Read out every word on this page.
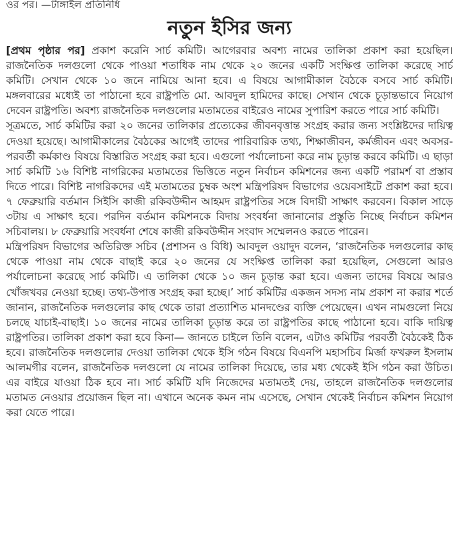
ওর পর। —টাঙ্গাইল প্রতিনিধি
নতুন ইসির জন্য

[প্রথম পৃষ্ঠার পর] প্রকাশ করেনি সার্চ কমিটি। আগেরবার অবশ্য নামের তালিকা প্রকাশ করা হয়েছিল। রাজনৈতিক দলগুলো থেকে পাওয়া শতাধিক নাম থেকে ২০ জনের একটি সংক্ষিপ্ত তালিকা করেছে সার্চ কমিটি। সেখান থেকে ১০ জনে নামিয়ে আনা হবে। এ বিষয়ে আগামীকাল বৈঠকে বসবে সার্চ কমিটি। মঙ্গলবারের মধ্যেই তা পাঠানো হবে রাষ্ট্রপতি মো. আবদুল হামিদের কাছে। সেখান থেকে চূড়ান্তভাবে নিয়োগ দেবেন রাষ্ট্রপতি। অবশ্য রাজনৈতিক দলগুলোর মতামতের বাইরেও নামের সুপারিশ করতে পারে সার্চ কমিটি।

সূত্রমতে, সার্চ কমিটির করা ২০ জনের তালিকার প্রত্যেকের জীবনবৃত্তান্ত সংগ্রহ করার জন্য সংশ্লিষ্টদের দায়িত্ব দেওয়া হয়েছে। আগামীকালের বৈঠকের আগেই তাদের পারিবারিক তথ্য, শিক্ষাজীবন, কর্মজীবন এবং অবসর-পরবর্তী কর্মকাণ্ড বিষয়ে বিস্তারিত সংগ্রহ করা হবে। এগুলো পর্যালোচনা করে নাম চূড়ান্ত করবে কমিটি। এ ছাড়া সার্চ কমিটি ১৬ বিশিষ্ট নাগরিকের মতামতের ভিত্তিতে নতুন নির্বাচন কমিশনের জন্য একটি পরামর্শ বা প্রস্তাব দিতে পারে। বিশিষ্ট নাগরিকদের এই মতামতের চুম্বক অংশ মন্ত্রিপরিষদ বিভাগের ওয়েবসাইটে প্রকাশ করা হবে। ৭ ফেব্রুয়ারি বর্তমান সিইসি কাজী রকিবউদ্দীন আহমদ রাষ্ট্রপতির সঙ্গে বিদায়ী সাক্ষাৎ করবেন। বিকাল সাড়ে ৩টায় এ সাক্ষাৎ হবে। পরদিন বর্তমান কমিশনকে বিদায় সংবর্ধনা জানানোর প্রস্তুতি নিচ্ছে নির্বাচন কমিশন সচিবালয়। ৮ ফেব্রুয়ারি সংবর্ধনা শেষে কাজী রকিবউদ্দীন সংবাদ সম্মেলনও করতে পারেন।

মন্ত্রিপরিষদ বিভাগের অতিরিক্ত সচিব (প্রশাসন ও বিধি) আবদুল ওয়াদুদ বলেন, ‘রাজনৈতিক দলগুলোর কাছ থেকে পাওয়া নাম থেকে বাছাই করে ২০ জনের যে সংক্ষিপ্ত তালিকা করা হয়েছিল, সেগুলো আরও পর্যালোচনা করেছে সার্চ কমিটি। এ তালিকা থেকে ১০ জন চূড়ান্ত করা হবে। এজন্য তাদের বিষয়ে আরও খোঁজখবর নেওয়া হচ্ছে। তথ্য-উপাত্ত সংগ্রহ করা হচ্ছে।’ সার্চ কমিটির একজন সদস্য নাম প্রকাশ না করার শর্তে জানান, রাজনৈতিক দলগুলোর কাছ থেকে তারা প্রত্যাশিত মানদণ্ডের ব্যক্তি পেয়েছেন। এখন নামগুলো নিয়ে চলছে যাচাই-বাছাই। ১০ জনের নামের তালিকা চূড়ান্ত করে তা রাষ্ট্রপতির কাছে পাঠানো হবে। বাকি দায়িত্ব রাষ্ট্রপতির। তালিকা প্রকাশ করা হবে কিনা— জানতে চাইলে তিনি বলেন, এটাও কমিটির পরবর্তী বৈঠকেই ঠিক হবে। রাজনৈতিক দলগুলোর দেওয়া তালিকা থেকে ইসি গঠন বিষয়ে বিএনপি মহাসচিব মির্জা ফখরুল ইসলাম আলমগীর বলেন, রাজনৈতিক দলগুলো যে নামের তালিকা দিয়েছে, তার মধ্য থেকেই ইসি গঠন করা উচিত। এর বাইরে যাওয়া ঠিক হবে না। সার্চ কমিটি যদি নিজেদের মতামতই দেয়, তাহলে রাজনৈতিক দলগুলোর মতামত নেওয়ার প্রয়োজন ছিল না। এখানে অনেক কমন নাম এসেছে, সেখান থেকেই নির্বাচন কমিশন নিয়োগ করা যেতে পারে।
